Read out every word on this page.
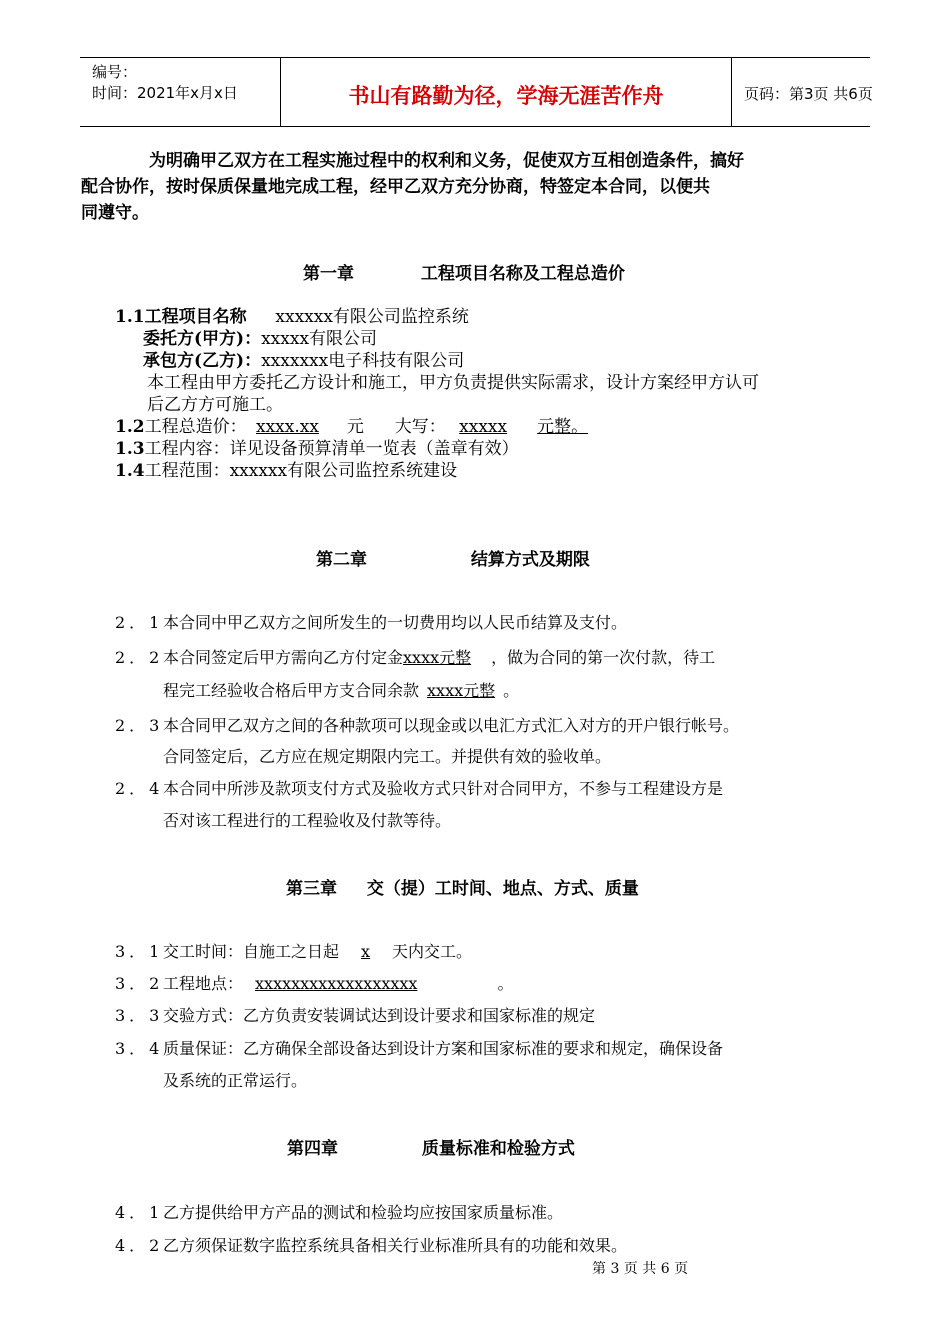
编号：
时间：2021年x月x日	书山有路勤为径，学海无涯苦作舟	页码：第3页 共6页
为明确甲乙双方在工程实施过程中的权利和义务，促使双方互相创造条件，搞好
配合协作，按时保质保量地完成工程，经甲乙双方充分协商，特签定本合同，以便共
同遵守。
第一章	工程项目名称及工程总造价
1.1工程项目名称 xxxxxx有限公司监控系统
委托方(甲方)：xxxxx有限公司
承包方(乙方)：xxxxxxx电子科技有限公司
本工程由甲方委托乙方设计和施工，甲方负责提供实际需求，设计方案经甲方认可
后乙方方可施工。
1.2工程总造价： xxxx.xx 元 大写： xxxxx 元整。
1.3工程内容：详见设备预算清单一览表（盖章有效）
1.4工程范围：xxxxxx有限公司监控系统建设
第二章	结算方式及期限
2．1本合同中甲乙双方之间所发生的一切费用均以人民币结算及支付。
2．2本合同签定后甲方需向乙方付定金xxxx元整 ，做为合同的第一次付款，待工
程完工经验收合格后甲方支合同余款 xxxx元整 。
2．3本合同甲乙双方之间的各种款项可以现金或以电汇方式汇入对方的开户银行帐号。
合同签定后，乙方应在规定期限内完工。并提供有效的验收单。
2．4本合同中所涉及款项支付方式及验收方式只针对合同甲方，不参与工程建设方是
否对该工程进行的工程验收及付款等待。
第三章 交（提）工时间、地点、方式、质量
3．1交工时间：自施工之日起 x 天内交工。
3．2工程地点： xxxxxxxxxxxxxxxxxx	。
3．3交验方式：乙方负责安装调试达到设计要求和国家标准的规定
3．4质量保证：乙方确保全部设备达到设计方案和国家标准的要求和规定，确保设备
及系统的正常运行。
第四章	质量标准和检验方式
4．1乙方提供给甲方产品的测试和检验均应按国家质量标准。
4．2乙方须保证数字监控系统具备相关行业标准所具有的功能和效果。
第 3 页 共 6 页
